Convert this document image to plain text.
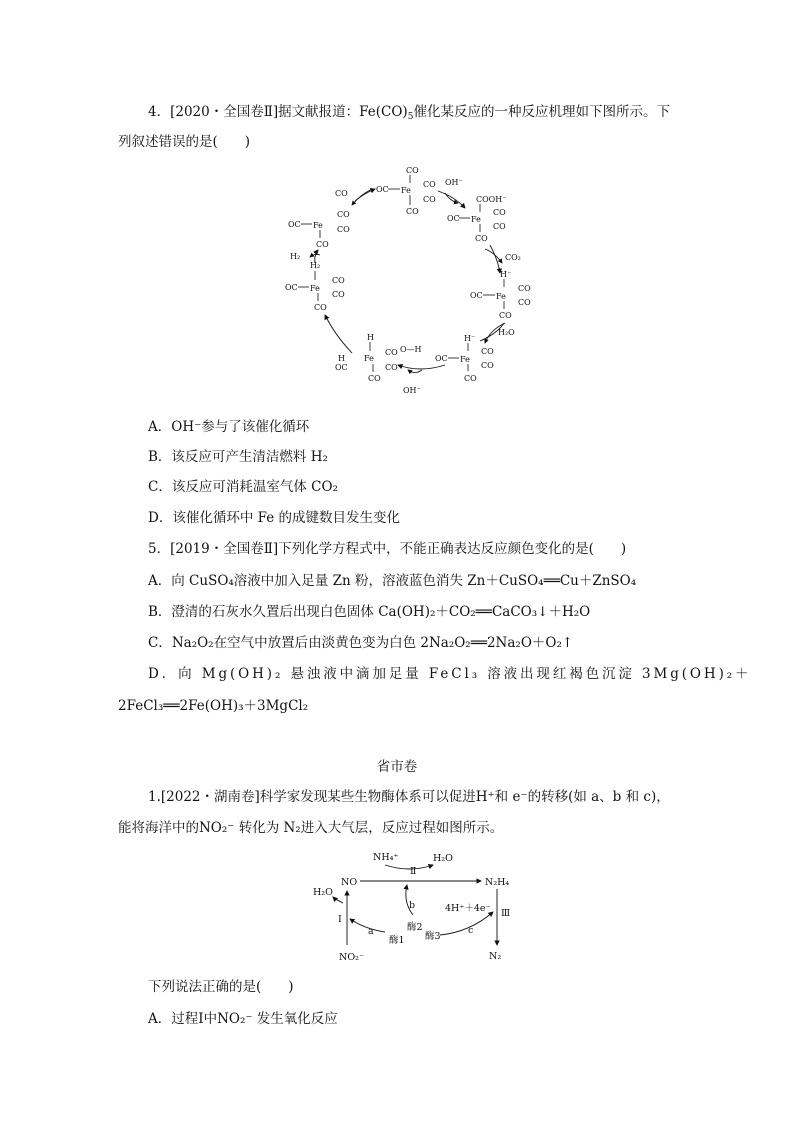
4．[2020・全国卷Ⅱ]据文献报道：$Fe(CO)_5$催化某反应的一种反应机理如下图所示。下
列叙述错误的是(　　)
CO
OC Fe
CO
CO
CO
OH⁻
CO
COOH⁻
OC Fe
CO
CO
CO
CO₂
H⁻
OC Fe
CO
CO
CO
H₂O
H⁻
OC Fe
CO
CO
CO
O—H
OH⁻
H
H Fe
OC
CO
CO
CO
H₂
OC Fe
CO
CO
CO
OC Fe
CO
CO
CO
H₂
A．OH⁻参与了该催化循环
B．该反应可产生清洁燃料 H₂
C．该反应可消耗温室气体 CO₂
D．该催化循环中 Fe 的成键数目发生变化
5．[2019・全国卷Ⅱ]下列化学方程式中，不能正确表达反应颜色变化的是(　　)
A．向 CuSO₄溶液中加入足量 Zn 粉，溶液蓝色消失 Zn＋CuSO₄══Cu＋ZnSO₄
B．澄清的石灰水久置后出现白色固体 Ca(OH)₂＋CO₂══CaCO₃↓＋H₂O
C．Na₂O₂在空气中放置后由淡黄色变为白色 2Na₂O₂══2Na₂O＋O₂↑
D．向 Mg(OH)₂ 悬浊液中滴加足量 FeCl₃ 溶液出现红褐色沉淀 3Mg(OH)₂＋
2FeCl₃══2Fe(OH)₃＋3MgCl₂
省市卷
1.[2022・湖南卷]科学家发现某些生物酶体系可以促进H⁺和 e⁻的转移(如 a、b 和 c)，
能将海洋中的NO₂⁻ 转化为 N₂进入大气层，反应过程如图所示。
NH₄⁺	H₂O
NO	N₂H₄
H₂O
Ⅰ
Ⅱ
Ⅲ
a
b
c
酶1
酶2
酶3
4H⁺＋4e⁻
NO₂⁻	N₂
下列说法正确的是(　　)
A．过程Ⅰ中NO₂⁻ 发生氧化反应
